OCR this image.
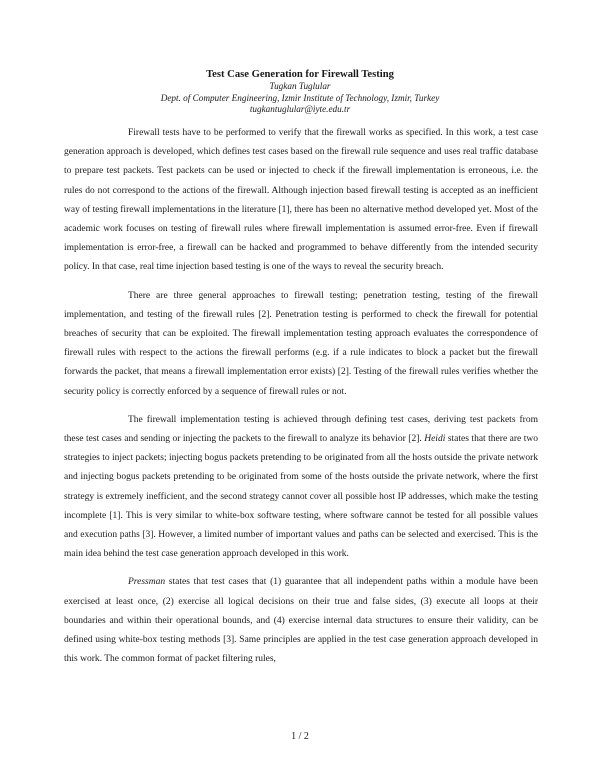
Test Case Generation for Firewall Testing

Tugkan Tuglular

Dept. of Computer Engineering, Izmir Institute of Technology, Izmir, Turkey

tugkantuglular@iyte.edu.tr

Firewall tests have to be performed to verify that the firewall works as specified. In this work, a test case generation approach is developed, which defines test cases based on the firewall rule sequence and uses real traffic database to prepare test packets. Test packets can be used or injected to check if the firewall implementation is erroneous, i.e. the rules do not correspond to the actions of the firewall. Although injection based firewall testing is accepted as an inefficient way of testing firewall implementations in the literature [1], there has been no alternative method developed yet. Most of the academic work focuses on testing of firewall rules where firewall implementation is assumed error-free. Even if firewall implementation is error-free, a firewall can be hacked and programmed to behave differently from the intended security policy. In that case, real time injection based testing is one of the ways to reveal the security breach.

There are three general approaches to firewall testing; penetration testing, testing of the firewall implementation, and testing of the firewall rules [2]. Penetration testing is performed to check the firewall for potential breaches of security that can be exploited. The firewall implementation testing approach evaluates the correspondence of firewall rules with respect to the actions the firewall performs (e.g. if a rule indicates to block a packet but the firewall forwards the packet, that means a firewall implementation error exists) [2]. Testing of the firewall rules verifies whether the security policy is correctly enforced by a sequence of firewall rules or not.

The firewall implementation testing is achieved through defining test cases, deriving test packets from these test cases and sending or injecting the packets to the firewall to analyze its behavior [2]. Heidi states that there are two strategies to inject packets; injecting bogus packets pretending to be originated from all the hosts outside the private network and injecting bogus packets pretending to be originated from some of the hosts outside the private network, where the first strategy is extremely inefficient, and the second strategy cannot cover all possible host IP addresses, which make the testing incomplete [1]. This is very similar to white-box software testing, where software cannot be tested for all possible values and execution paths [3]. However, a limited number of important values and paths can be selected and exercised. This is the main idea behind the test case generation approach developed in this work.

Pressman states that test cases that (1) guarantee that all independent paths within a module have been exercised at least once, (2) exercise all logical decisions on their true and false sides, (3) execute all loops at their boundaries and within their operational bounds, and (4) exercise internal data structures to ensure their validity, can be defined using white-box testing methods [3]. Same principles are applied in the test case generation approach developed in this work. The common format of packet filtering rules,

1 / 2
